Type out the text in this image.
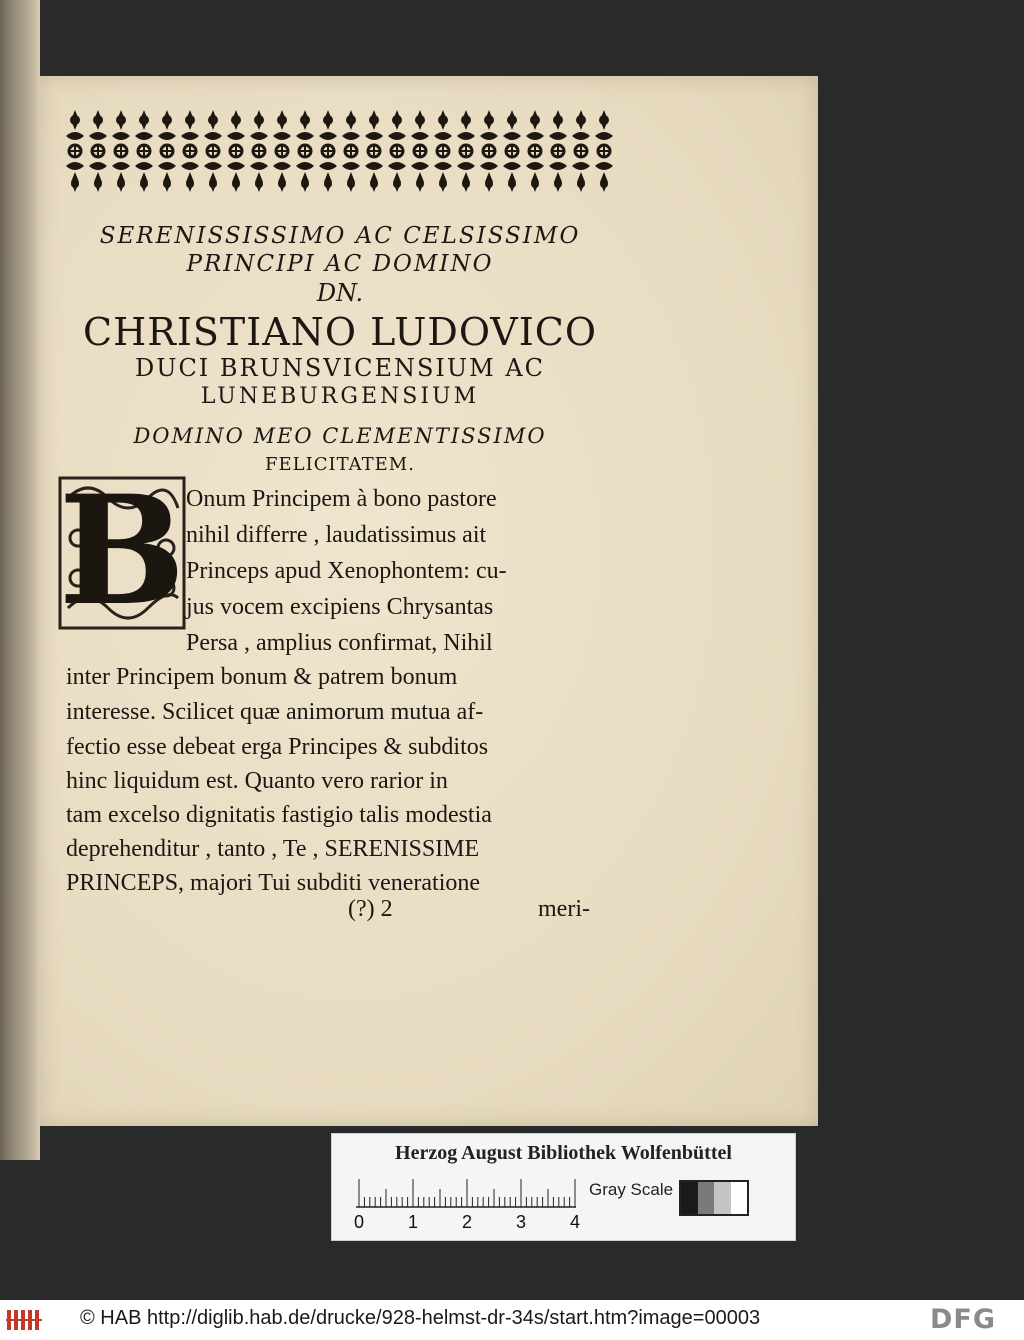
SERENISSISSIMO AC CELSISSIMO
PRINCIPI AC DOMINO
DN.
CHRISTIANO LUDOVICO
DUCI BRUNSVICENSIUM AC
LUNEBURGENSIUM
DOMINO MEO CLEMENTISSIMO
FELICITATEM.
B Onum Principem à bono pastore
nihil differre , laudatissimus ait
Princeps apud Xenophontem: cu-
jus vocem excipiens Chrysantas
Persa , amplius confirmat, Nihil
inter Principem bonum & patrem bonum
interesse. Scilicet quæ animorum mutua af-
fectio esse debeat erga Principes & subditos
hinc liquidum est. Quanto vero rarior in
tam excelso dignitatis fastigio talis modestia
deprehenditur , tanto , Te , SERENISSIME
PRINCEPS, majori Tui subditi veneratione
(?) 2	meri-
Herzog August Bibliothek Wolfenbüttel
0 1 2 3 4
Gray Scale
© HAB http://diglib.hab.de/drucke/928-helmst-dr-34s/start.htm?image=00003	DFG
